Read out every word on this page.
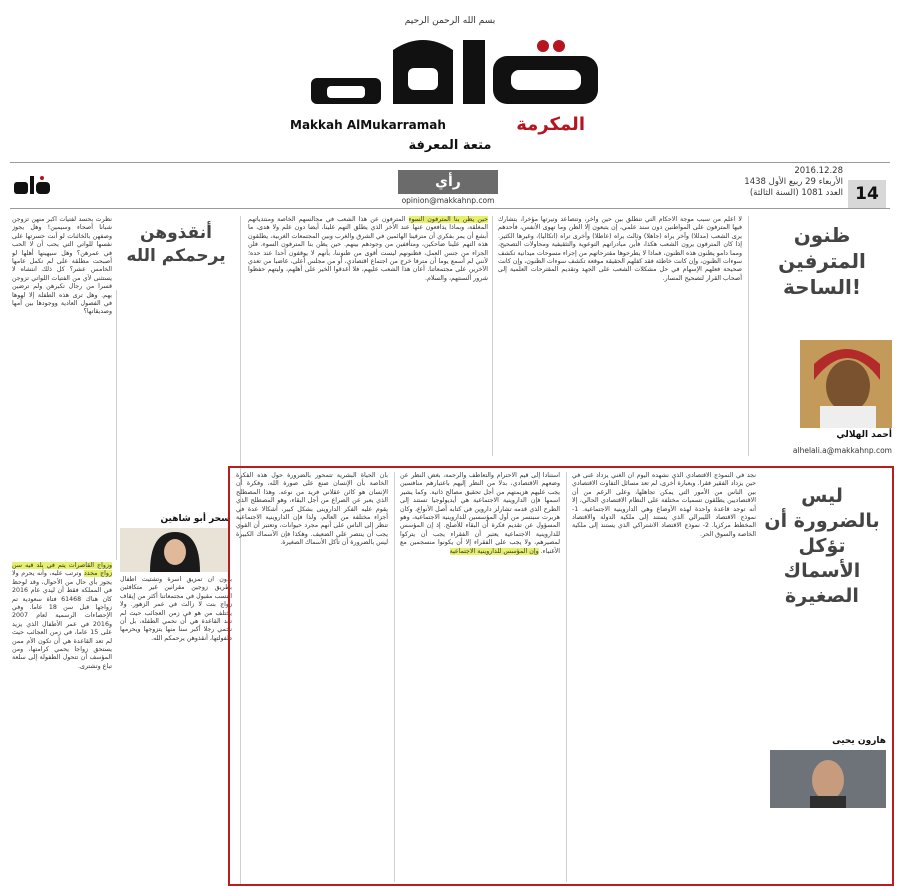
بسم الله الرحمن الرحيم
Makkah AlMukarramah	المكرمة
متعة المعرفة
رأي
opinion@makkahnp.com
2016.12.28
الأربعاء 29 ربيع الأول 1438
العدد 1081 (السنة الثالثة) 14
ظنون المترفين الساحة!
أحمد الهلالي
alhelali.a@makkahnp.com
لا أعلم من سبب موجة الأحكام التي تنطلق بين حين وآخر، وتتصاعد وتيرتها مؤخرا، بتشارك فيها المترفون على المواطنين دون سند علمي، إن يتبعون إلا الظن وما تهوى الأنفس، فأحدهم يرى الشعب (مدللا) وآخر يراه (جاهلا) وثالث يراه (عاطلا) وأخرى تراه (اتكاليا)، وغيرها الكثير. إذا كان المترفون يرون الشعب هكذا، فأين مبادراتهم التوعوية والتثقيفية ومحاولات التصحيح، ومما دامو يظنون هذه الظنون، فماذا لا يطرحوها مقترحاتهم من إجراء مسوحات ميدانية تكشف سوءات الظنون، وإن كانت خاطئة فقد كفلهم الحقيقة موقعة تكشف سوءات الظنون، وإن كانت صحيحة فعلهم الإسهام في حل مشكلات الشعب على الجهد وتقديم المقترحات العلمية إلى أصحاب القرار لتصحيح المسار.
حين يظن بنا المترفون السوء المترفون عن هذا الشعب في مجالسهم الخاصة ومنتدياتهم المغلقة، وبماذا يدافعون عنها عند الأخر الذي يطلق التهم علينا، أيضا دون علم ولا هدى، ما أبشع أن يمر بفكري أن مترفينا الهائمين في الشرق والغرب وبين المجتمعات الغربية، يطلقون هذه التهم علينا ضاحكين، ومتأففين من وجودهم بينهم. حين يظن بنا المترفون السوء، فلن الجزاء من جنس العمل، فظنونهم ليست أقوى من ظنوننا، بأنهم لا يوقفون أحدا عند حده؛ لأنني لم أسمع يوما أن مترفا خرج من اجتماع اقتصادي، أو من مجلس أعلى، غاضبا من تعدي الآخرين على مجتمعاتنا. أعان هذا الشعب عليهم، فلا أغدقوا الخير على أهلهم، وليتهم حفظوا شرور ألسنتهم، والسلام.
أنقذوهن يرحمكم الله
نظرت بحسد لفتيات أكبر منهن تزوجن شبانا أصحاء وسيمين! وهل يجوز وصفهن بالخائنات لو أنت حسرتها على نفسها للواتي التي يحب أن لا الحب في عمرهن؟ وهل سيهينها أهلها لو أصبحت مطلقة على لم تكمل عامها الخامس عشر؟ كل ذلك انتشاه لا يستثنى لأي من الفتيات اللواتي تزوجن قسرا من رجال تكبرهن ولم ترضين بهم. وهل ترى هذه الطفلة إلا لهوها في الفصول العادية ووجودها بين أمها وصديقاتها؟
سحر أبو شاهين
وزواج القاصرات يتم في بلد فيه سن زواج محدد وترتب عليه، وأنه يحرم ولا يجوز بأي حال من الأحوال، وقد لوحظ في المملكة فقط أن ليدي عام 2016 كان هناك 61468 فتاة سعودية تم زواجها قبل سن 18 عاما. وفي الإحصاءات الرسمية لعام 2007 و2016 في عمر الأطفال الذي يزيد على 15 عاما، في زمن العجائب حيث لم تعد القاعدة هي أن تكون الأم ممن يستحق زواجا يحمي كرامتها، ومن المؤسف أن تتحول الطفولة إلى سلعة تباع وتشترى.
بدون أن تمزيق أسرة وتشتيت أطفال بطريق زوجين مقرانين غير متكافئين النسب مقبول في مجتمعاتنا أكثر من إيقاف زواج بنت لا زالت في عمر الزهور. ولا يختلف من هو في زمن العجائب حيث لم تعد القاعدة هي أن نحمي الطفلة، بل أن نحمي رجلا أكبر سنا منها يتزوجها ويحرمها طفولتها، أنقذوهن يرحمكم الله.
ليس بالضرورة أن تؤكل الأسماك الصغيرة
هارون يحيى
نجد في النموذج الاقتصادي الذي نشهده اليوم أن الغني يزداد غنى في حين يزداد الفقير فقرا. وبعبارة أخرى، لم تعد مسائل التفاوت الاقتصادي بين الناس من الأمور التي يمكن تجاهلها، وعلى الرغم من أن الاقتصاديين يطلقون تسميات مختلفة على النظام الاقتصادي الحالي، إلا أنه توجد قاعدة واحدة لهذه الأوضاع وهي الداروينية الاجتماعية. 1- نموذج الاقتصاد الليبرالي الذي يستند إلى ملكية الدولة والاقتصاد المخطط مركزيا. 2- نموذج الاقتصاد الاشتراكي الذي يستند إلى ملكية الخاصة والسوق الحر.
استنادا إلى قيم الاحترام والتعاطف والرحمة، بغض النظر عن وضعهم الاقتصادي، بدلا من النظر إليهم باعتبارهم منافسين يجب عليهم هزيمتهم من أجل تحقيق مصالح ذاتية. وكما يشير اسمها فإن الداروينية الاجتماعية هي أيديولوجيا تستند إلى الطرح الذي قدمه تشارلز داروين في كتابه أصل الأنواع، وكان هربرت سبنسر من أول المؤسسين للداروينية الاجتماعية، وهو المسؤول عن تقديم فكرة أن البقاء للأصلح. إذ إن المؤسس للداروينية الاجتماعية يعتبر أن الفقراء يجب أن يتركوا لمصيرهم، ولا يجب على الفقراء إلا أن يكونوا منسجمين مع الأغنياء. وإن المؤسس للداروينية الاجتماعية
بأن الحياة البشرية تتمحور بالضرورة حول هذه الفكرة الخاصة بأن الإنسان صنع على صورة الله، وفكرة أن الإنسان هو كائن عقلاني فريد من نوعه. وهذا المصطلح الذي يعبر عن الصراع من أجل البقاء، وهو المصطلح الذي يقوم عليه الفكر الداروينى بشكل كبير، أشكالا عدة في أجزاء مختلفة من العالم، ولذا فإن الداروينية الاجتماعية تنظر إلى الناس على أنهم مجرد حيوانات، وتعتبر أن القوي يجب أن ينتصر على الضعيف. وهكذا فإن الأسماك الكبيرة ليس بالضرورة أن تأكل الأسماك الصغيرة.
